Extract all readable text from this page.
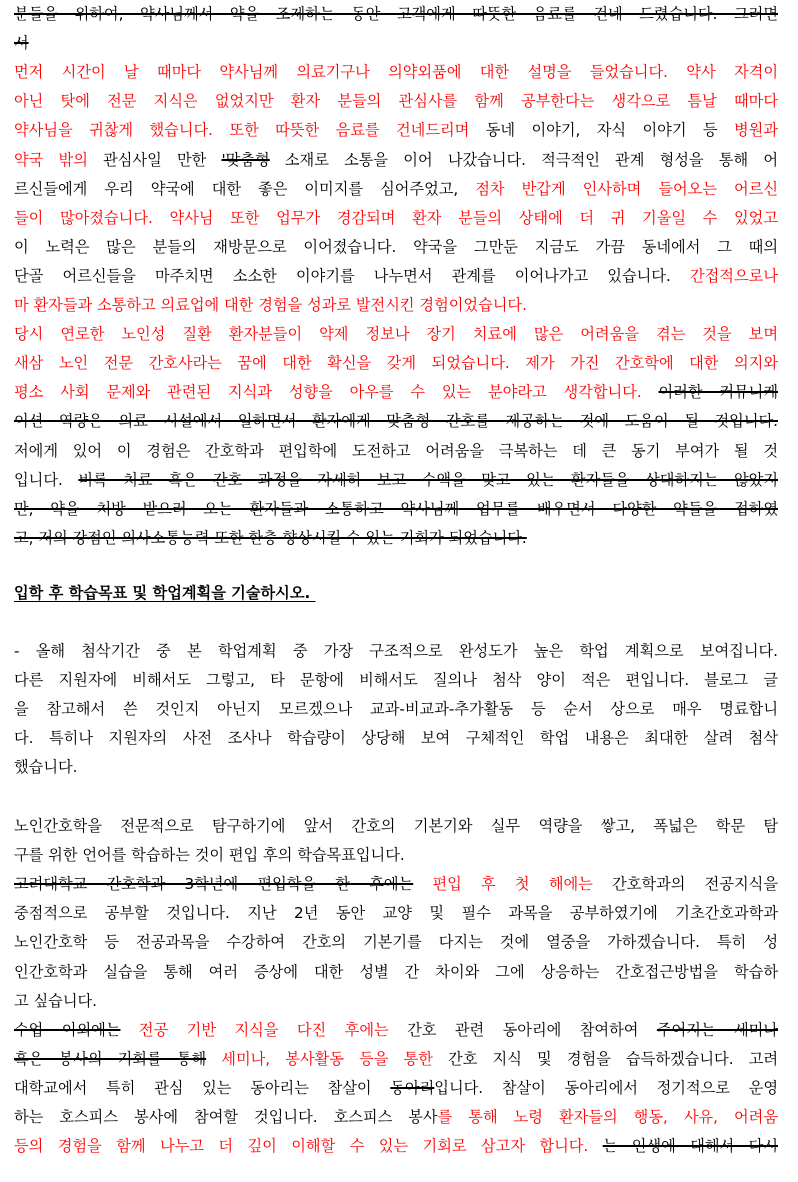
분들을 위하여, 약사님께서 약을 조제하는 동안 고객에게 따뜻한 음료를 건네 드렸습니다. 그러면
서
먼저 시간이 날 때마다 약사님께 의료기구나 의약외품에 대한 설명을 들었습니다. 약사 자격이
아닌 탓에 전문 지식은 없었지만 환자 분들의 관심사를 함께 공부한다는 생각으로 틈날 때마다
약사님을 귀찮게 했습니다. 또한 따뜻한 음료를 건네드리며 동네 이야기, 자식 이야기 등 병원과
약국 밖의 관심사일 만한 '맞춤형 소재로 소통을 이어 나갔습니다. 적극적인 관계 형성을 통해 어
르신들에게 우리 약국에 대한 좋은 이미지를 심어주었고, 점차 반갑게 인사하며 들어오는 어르신
들이 많아졌습니다. 약사님 또한 업무가 경감되며 환자 분들의 상태에 더 귀 기울일 수 있었고
이 노력은 많은 분들의 재방문으로 이어졌습니다. 약국을 그만둔 지금도 가끔 동네에서 그 때의
단골 어르신들을 마주치면 소소한 이야기를 나누면서 관계를 이어나가고 있습니다. 간접적으로나
마 환자들과 소통하고 의료업에 대한 경험을 성과로 발전시킨 경험이었습니다.
당시 연로한 노인성 질환 환자분들이 약제 정보나 장기 치료에 많은 어려움을 겪는 것을 보며
새삼 노인 전문 간호사라는 꿈에 대한 확신을 갖게 되었습니다. 제가 가진 간호학에 대한 의지와
평소 사회 문제와 관련된 지식과 성향을 아우를 수 있는 분야라고 생각합니다. 이러한 커뮤니케
이션 역량은 의료 시설에서 일하면서 환자에게 맞춤형 간호를 제공하는 것에 도움이 될 것입니다.
저에게 있어 이 경험은 간호학과 편입학에 도전하고 어려움을 극복하는 데 큰 동기 부여가 될 것
입니다. 비록 치료 혹은 간호 과정을 자세히 보고 수액을 맞고 있는 환자들을 상대하지는 않았지
만, 약을 처방 받으러 오는 환자들과 소통하고 약사님께 업무를 배우면서 다양한 약들을 접하였
고, 저의 강점인 의사소통능력 또한 한층 향상시킬 수 있는 기회가 되었습니다.
입학 후 학습목표 및 학업계획을 기술하시오.
- 올해 첨삭기간 중 본 학업계획 중 가장 구조적으로 완성도가 높은 학업 계획으로 보여집니다.
다른 지원자에 비해서도 그렇고, 타 문항에 비해서도 질의나 첨삭 양이 적은 편입니다. 블로그 글
을 참고해서 쓴 것인지 아닌지 모르겠으나 교과-비교과-추가활동 등 순서 상으로 매우 명료합니
다. 특히나 지원자의 사전 조사나 학습량이 상당해 보여 구체적인 학업 내용은 최대한 살려 첨삭
했습니다.
노인간호학을 전문적으로 탐구하기에 앞서 간호의 기본기와 실무 역량을 쌓고, 폭넓은 학문 탐
구를 위한 언어를 학습하는 것이 편입 후의 학습목표입니다.
고려대학교 간호학과 3학년에 편입학을 한 후에는 편입 후 첫 해에는 간호학과의 전공지식을
중점적으로 공부할 것입니다. 지난 2년 동안 교양 및 필수 과목을 공부하였기에 기초간호과학과
노인간호학 등 전공과목을 수강하여 간호의 기본기를 다지는 것에 열중을 가하겠습니다. 특히 성
인간호학과 실습을 통해 여러 증상에 대한 성별 간 차이와 그에 상응하는 간호접근방법을 학습하
고 싶습니다.
수업 이외에는 전공 기반 지식을 다진 후에는 간호 관련 동아리에 참여하여 주어지는 세미나
혹은 봉사의 기회를 통해 세미나, 봉사활동 등을 통한 간호 지식 및 경험을 습득하겠습니다. 고려
대학교에서 특히 관심 있는 동아리는 참살이 동아리입니다. 참살이 동아리에서 정기적으로 운영
하는 호스피스 봉사에 참여할 것입니다. 호스피스 봉사를 통해 노령 환자들의 행동, 사유, 어려움
등의 경험을 함께 나누고 더 깊이 이해할 수 있는 기회로 삼고자 합니다. 는 인생에 대해서 다시
